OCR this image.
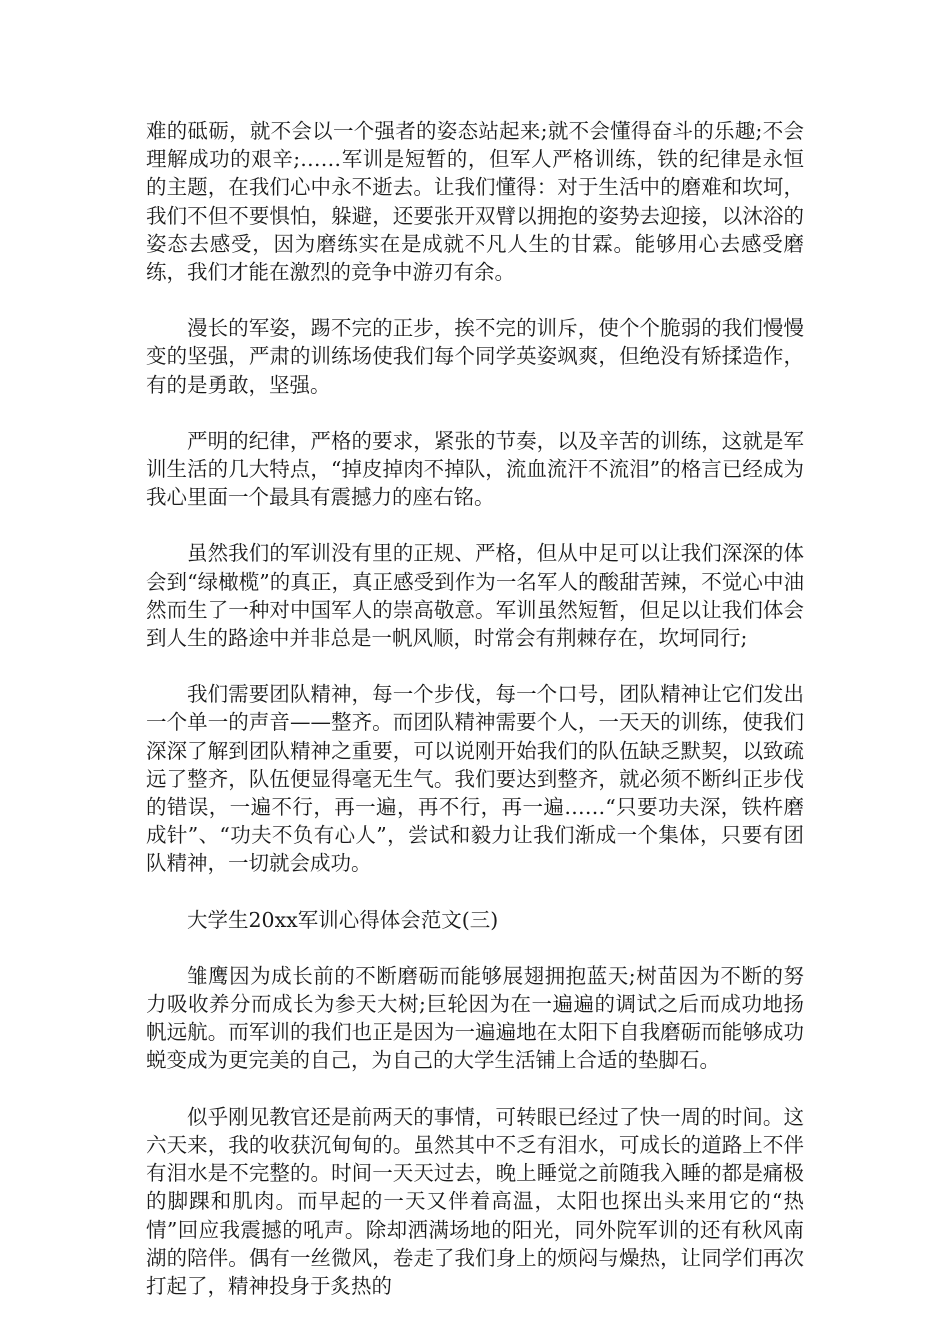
难的砥砺，就不会以一个强者的姿态站起来;就不会懂得奋斗的乐趣;不会理解成功的艰辛;……军训是短暂的，但军人严格训练，铁的纪律是永恒的主题，在我们心中永不逝去。让我们懂得：对于生活中的磨难和坎坷，我们不但不要惧怕，躲避，还要张开双臂以拥抱的姿势去迎接，以沐浴的姿态去感受，因为磨练实在是成就不凡人生的甘霖。能够用心去感受磨练，我们才能在激烈的竞争中游刃有余。

漫长的军姿，踢不完的正步，挨不完的训斥，使个个脆弱的我们慢慢变的坚强，严肃的训练场使我们每个同学英姿飒爽，但绝没有矫揉造作，有的是勇敢，坚强。

严明的纪律，严格的要求，紧张的节奏，以及辛苦的训练，这就是军训生活的几大特点，“掉皮掉肉不掉队，流血流汗不流泪”的格言已经成为我心里面一个最具有震撼力的座右铭。

虽然我们的军训没有里的正规、严格，但从中足可以让我们深深的体会到“绿橄榄”的真正，真正感受到作为一名军人的酸甜苦辣，不觉心中油然而生了一种对中国军人的崇高敬意。军训虽然短暂，但足以让我们体会到人生的路途中并非总是一帆风顺，时常会有荆棘存在，坎坷同行;

我们需要团队精神，每一个步伐，每一个口号，团队精神让它们发出一个单一的声音——整齐。而团队精神需要个人，一天天的训练，使我们深深了解到团队精神之重要，可以说刚开始我们的队伍缺乏默契，以致疏远了整齐，队伍便显得毫无生气。我们要达到整齐，就必须不断纠正步伐的错误，一遍不行，再一遍，再不行，再一遍……“只要功夫深，铁杵磨成针”、“功夫不负有心人”，尝试和毅力让我们渐成一个集体，只要有团队精神，一切就会成功。

大学生20xx军训心得体会范文(三)

雏鹰因为成长前的不断磨砺而能够展翅拥抱蓝天;树苗因为不断的努力吸收养分而成长为参天大树;巨轮因为在一遍遍的调试之后而成功地扬帆远航。而军训的我们也正是因为一遍遍地在太阳下自我磨砺而能够成功蜕变成为更完美的自己，为自己的大学生活铺上合适的垫脚石。

似乎刚见教官还是前两天的事情，可转眼已经过了快一周的时间。这六天来，我的收获沉甸甸的。虽然其中不乏有泪水，可成长的道路上不伴有泪水是不完整的。时间一天天过去，晚上睡觉之前随我入睡的都是痛极的脚踝和肌肉。而早起的一天又伴着高温，太阳也探出头来用它的“热情”回应我震撼的吼声。除却洒满场地的阳光，同外院军训的还有秋风南湖的陪伴。偶有一丝微风，卷走了我们身上的烦闷与燥热，让同学们再次打起了，精神投身于炙热的
